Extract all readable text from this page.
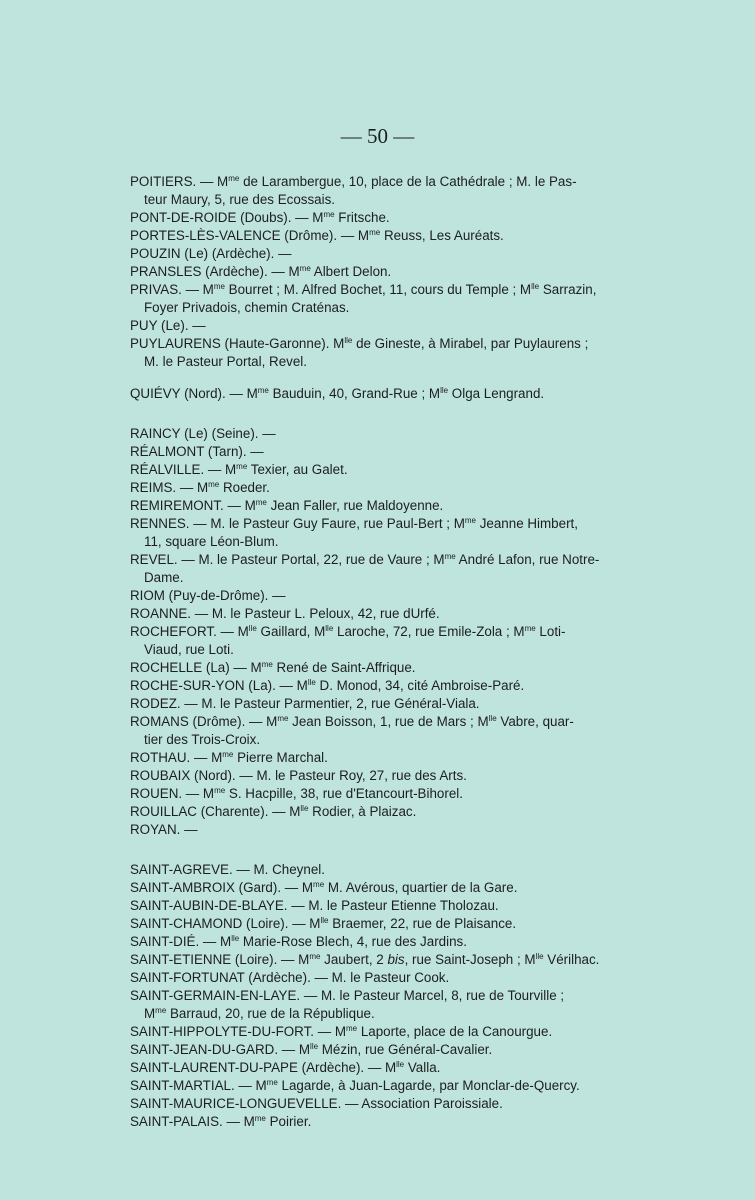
— 50 —

POITIERS. — $M^{me}$ de Larambergue, 10, place de la Cathédrale ; M. le Pas-
teur Maury, 5, rue des Ecossais.

PONT-DE-ROIDE (Doubs). — $M^{me}$ Fritsche.

PORTES-LÈS-VALENCE (Drôme). — $M^{me}$ Reuss, Les Auréats.

POUZIN (Le) (Ardèche). —

PRANSLES (Ardèche). — $M^{me}$ Albert Delon.

PRIVAS. — $M^{me}$ Bourret ; M. Alfred Bochet, 11, cours du Temple ; $M^{lle}$ Sarrazin,
Foyer Privadois, chemin Craténas.

PUY (Le). —

PUYLAURENS (Haute-Garonne). $M^{lle}$ de Gineste, à Mirabel, par Puylaurens ;
M. le Pasteur Portal, Revel.

QUIÉVY (Nord). — $M^{me}$ Bauduin, 40, Grand-Rue ; $M^{lle}$ Olga Lengrand.

RAINCY (Le) (Seine). —

RÉALMONT (Tarn). —

RÉALVILLE. — $M^{me}$ Texier, au Galet.

REIMS. — $M^{me}$ Roeder.

REMIREMONT. — $M^{me}$ Jean Faller, rue Maldoyenne.

RENNES. — M. le Pasteur Guy Faure, rue Paul-Bert ; $M^{me}$ Jeanne Himbert,
11, square Léon-Blum.

REVEL. — M. le Pasteur Portal, 22, rue de Vaure ; $M^{me}$ André Lafon, rue Notre-
Dame.

RIOM (Puy-de-Drôme). —

ROANNE. — M. le Pasteur L. Peloux, 42, rue dUrfé.

ROCHEFORT. — $M^{lle}$ Gaillard, $M^{lle}$ Laroche, 72, rue Emile-Zola ; $M^{me}$ Loti-
Viaud, rue Loti.

ROCHELLE (La) — $M^{me}$ René de Saint-Affrique.

ROCHE-SUR-YON (La). — $M^{lle}$ D. Monod, 34, cité Ambroise-Paré.

RODEZ. — M. le Pasteur Parmentier, 2, rue Général-Viala.

ROMANS (Drôme). — $M^{me}$ Jean Boisson, 1, rue de Mars ; $M^{lle}$ Vabre, quar-
tier des Trois-Croix.

ROTHAU. — $M^{me}$ Pierre Marchal.

ROUBAIX (Nord). — M. le Pasteur Roy, 27, rue des Arts.

ROUEN. — $M^{me}$ S. Hacpille, 38, rue d'Etancourt-Bihorel.

ROUILLAC (Charente). — $M^{lle}$ Rodier, à Plaizac.

ROYAN. —

SAINT-AGREVE. — M. Cheynel.

SAINT-AMBROIX (Gard). — $M^{me}$ M. Avérous, quartier de la Gare.

SAINT-AUBIN-DE-BLAYE. — M. le Pasteur Etienne Tholozau.

SAINT-CHAMOND (Loire). — $M^{lle}$ Braemer, 22, rue de Plaisance.

SAINT-DIÉ. — $M^{lle}$ Marie-Rose Blech, 4, rue des Jardins.

SAINT-ETIENNE (Loire). — $M^{me}$ Jaubert, 2 bis, rue Saint-Joseph ; $M^{lle}$ Vérilhac.

SAINT-FORTUNAT (Ardèche). — M. le Pasteur Cook.

SAINT-GERMAIN-EN-LAYE. — M. le Pasteur Marcel, 8, rue de Tourville ;
$M^{me}$ Barraud, 20, rue de la République.

SAINT-HIPPOLYTE-DU-FORT. — $M^{me}$ Laporte, place de la Canourgue.

SAINT-JEAN-DU-GARD. — $M^{lle}$ Mézin, rue Général-Cavalier.

SAINT-LAURENT-DU-PAPE (Ardèche). — $M^{lle}$ Valla.

SAINT-MARTIAL. — $M^{me}$ Lagarde, à Juan-Lagarde, par Monclar-de-Quercy.

SAINT-MAURICE-LONGUEVELLE. — Association Paroissiale.

SAINT-PALAIS. — $M^{me}$ Poirier.
